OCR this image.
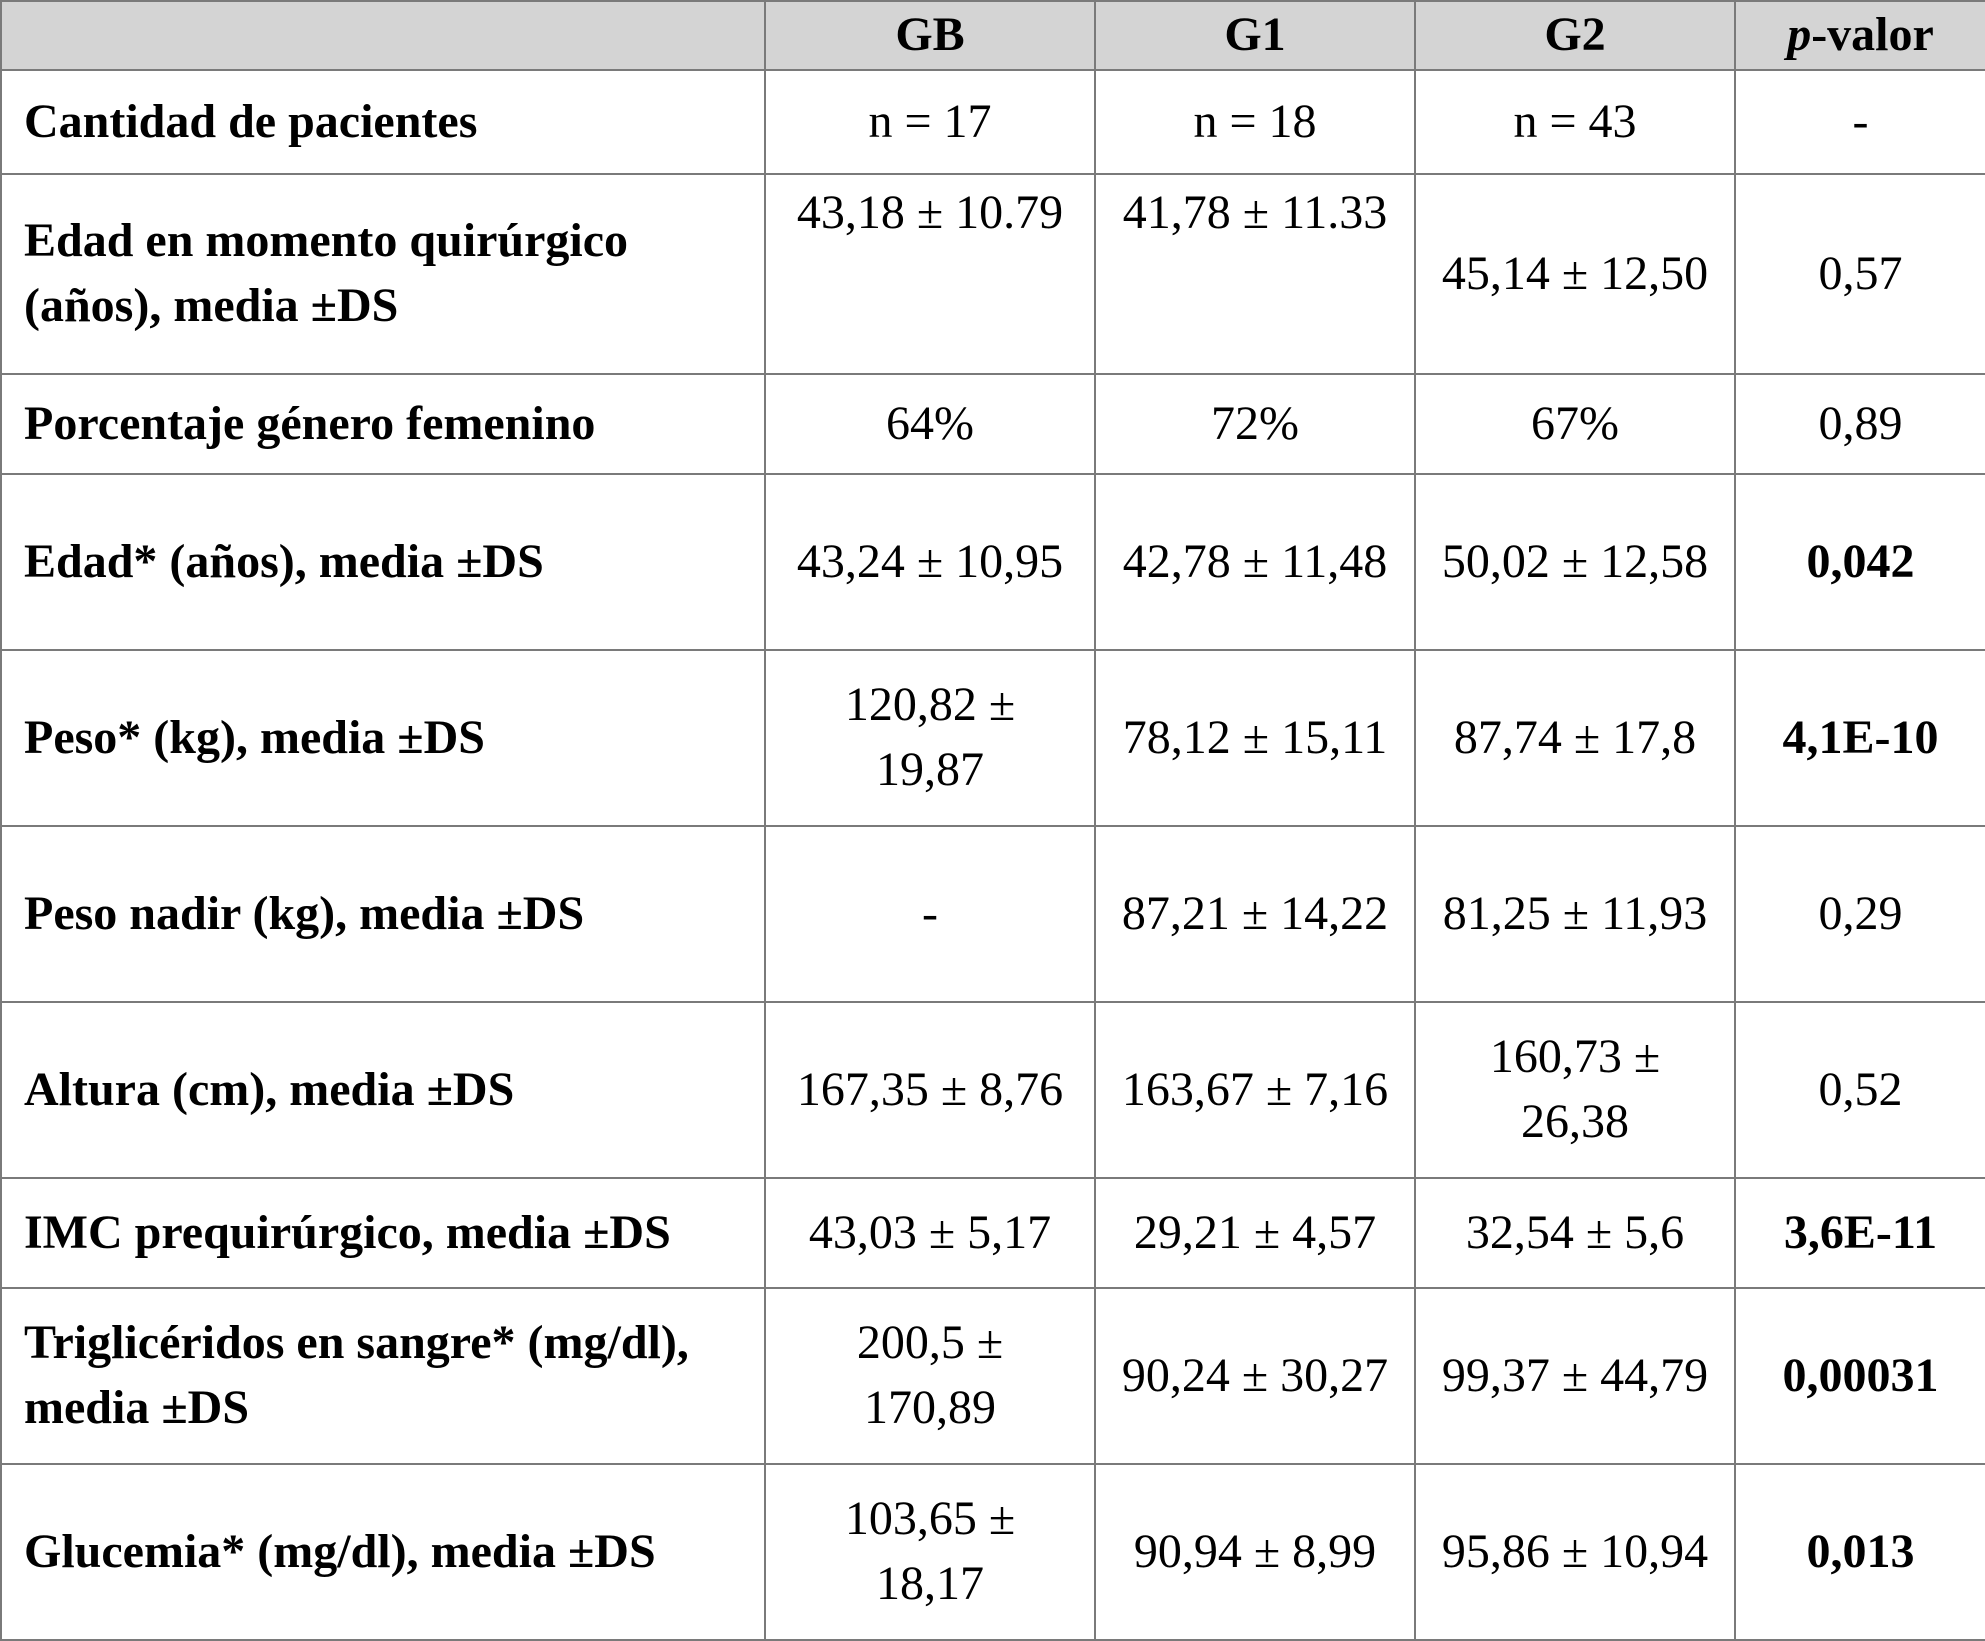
	GB	G1	G2	p-valor
Cantidad de pacientes	n = 17	n = 18	n = 43	-
Edad en momento quirúrgico (años), media ±DS	43,18 ± 10.79	41,78 ± 11.33	45,14 ± 12,50	0,57
Porcentaje género femenino	64%	72%	67%	0,89
Edad* (años), media ±DS	43,24 ± 10,95	42,78 ± 11,48	50,02 ± 12,58	0,042
Peso* (kg), media ±DS	120,82 ± 19,87	78,12 ± 15,11	87,74 ± 17,8	4,1E-10
Peso nadir (kg), media ±DS	-	87,21 ± 14,22	81,25 ± 11,93	0,29
Altura (cm), media ±DS	167,35 ± 8,76	163,67 ± 7,16	160,73 ± 26,38	0,52
IMC prequirúrgico, media ±DS	43,03 ± 5,17	29,21 ± 4,57	32,54 ± 5,6	3,6E-11
Triglicéridos en sangre* (mg/dl), media ±DS	200,5 ± 170,89	90,24 ± 30,27	99,37 ± 44,79	0,00031
Glucemia* (mg/dl), media ±DS	103,65 ± 18,17	90,94 ± 8,99	95,86 ± 10,94	0,013
